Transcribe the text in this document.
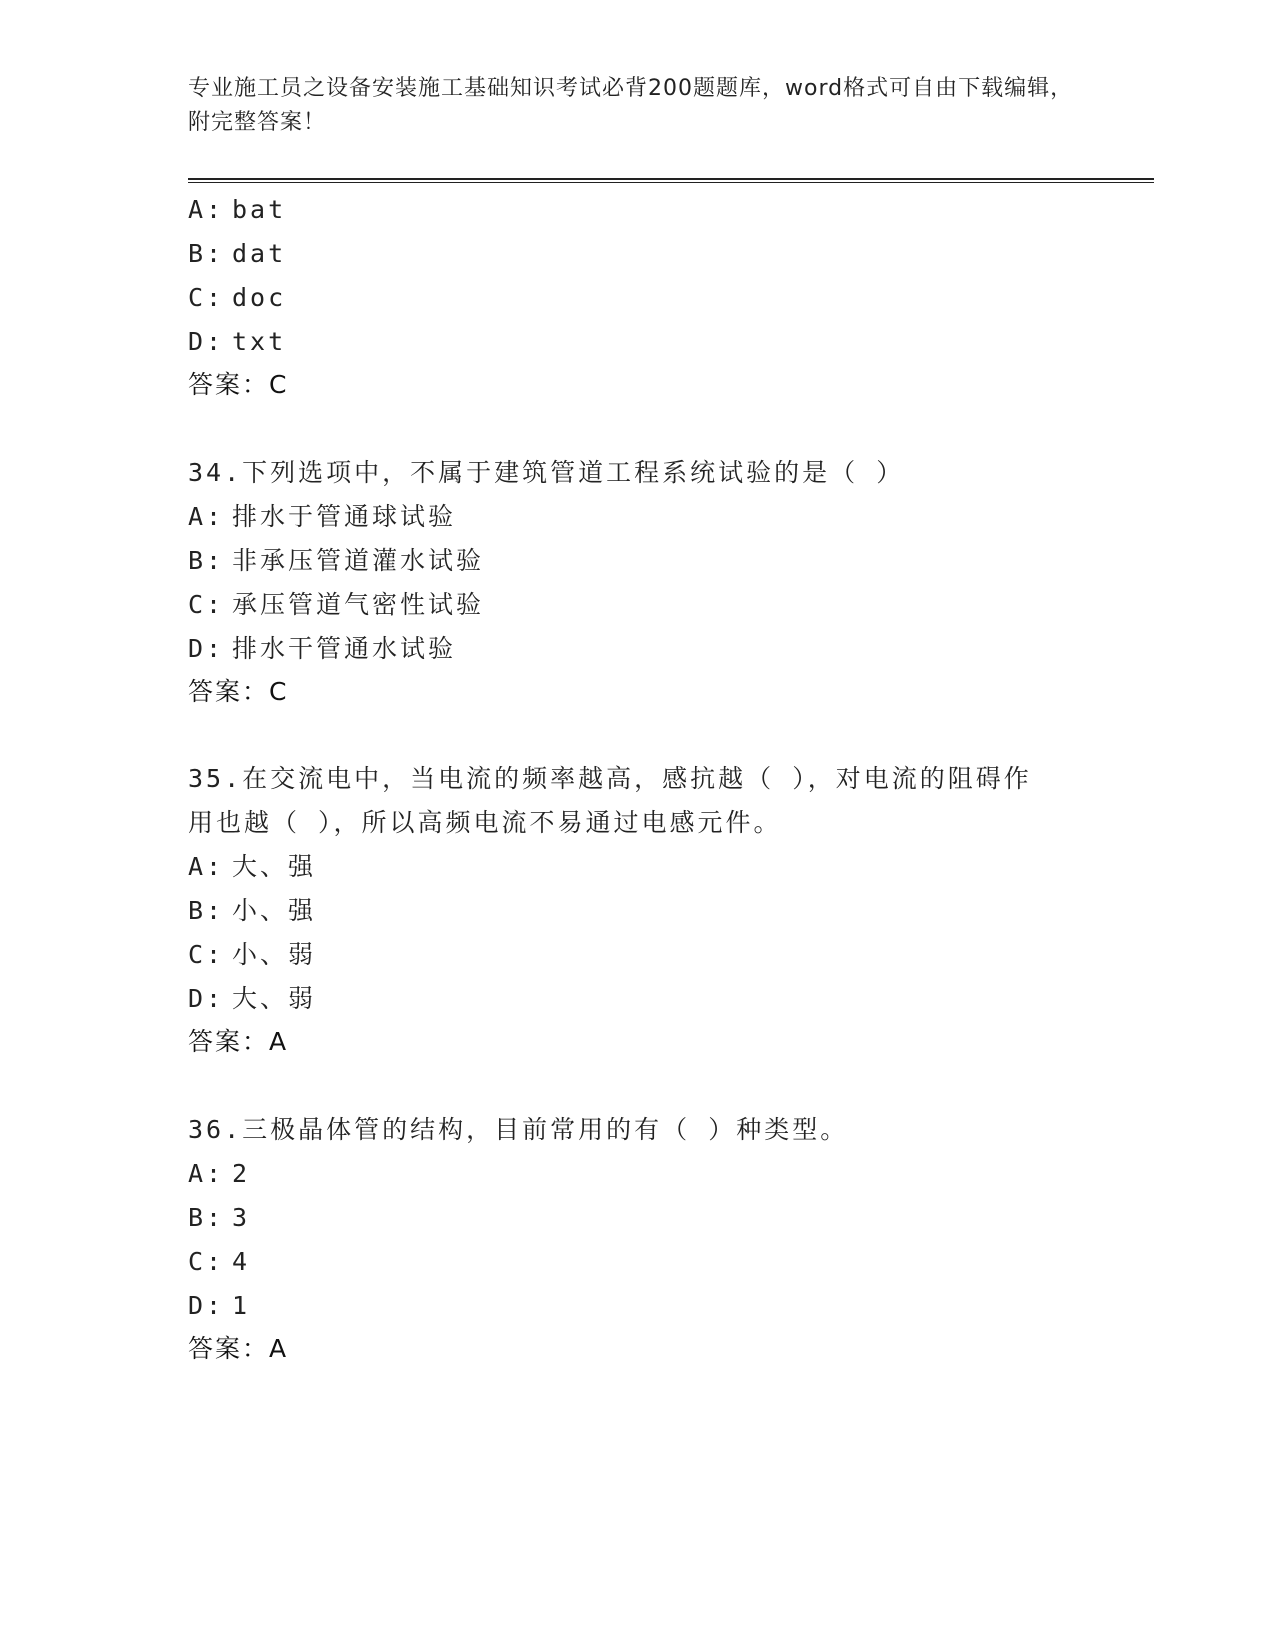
专业施工员之设备安装施工基础知识考试必背200题题库，word格式可自由下载编辑，附完整答案！
A: bat
B: dat
C: doc
D: txt
答案：C
34.下列选项中，不属于建筑管道工程系统试验的是（ ）
A: 排水于管通球试验
B: 非承压管道灌水试验
C: 承压管道气密性试验
D: 排水干管通水试验
答案：C
35.在交流电中，当电流的频率越高，感抗越（ ），对电流的阻碍作
用也越（ ），所以高频电流不易通过电感元件。
A: 大、强
B: 小、强
C: 小、弱
D: 大、弱
答案：A
36.三极晶体管的结构，目前常用的有（ ）种类型。
A: 2
B: 3
C: 4
D: 1
答案：A
